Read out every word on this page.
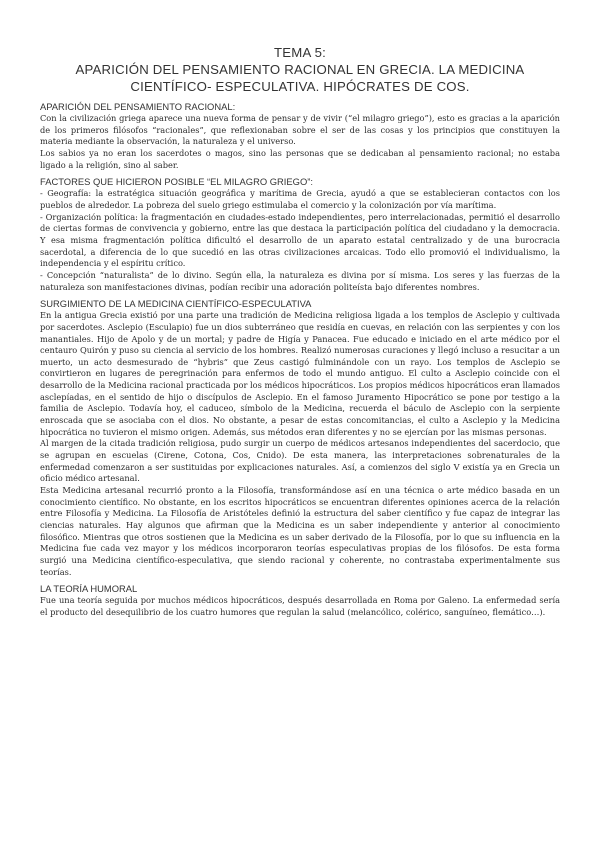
TEMA 5:
APARICIÓN DEL PENSAMIENTO RACIONAL EN GRECIA. LA MEDICINA
CIENTÍFICO- ESPECULATIVA. HIPÓCRATES DE COS.
APARICIÓN DEL PENSAMIENTO RACIONAL:

Con la civilización griega aparece una nueva forma de pensar y de vivir (“el milagro griego”), esto es gracias a la aparición de los primeros filósofos “racionales”, que reflexionaban sobre el ser de las cosas y los principios que constituyen la materia mediante la observación, la naturaleza y el universo.

Los sabios ya no eran los sacerdotes o magos, sino las personas que se dedicaban al pensamiento racional; no estaba ligado a la religión, sino al saber.

FACTORES QUE HICIERON POSIBLE “EL MILAGRO GRIEGO”:

- Geografía: la estratégica situación geográfica y marítima de Grecia, ayudó a que se establecieran contactos con los pueblos de alrededor. La pobreza del suelo griego estimulaba el comercio y la colonización por vía marítima.

- Organización política: la fragmentación en ciudades-estado independientes, pero interrelacionadas, permitió el desarrollo de ciertas formas de convivencia y gobierno, entre las que destaca la participación política del ciudadano y la democracia. Y esa misma fragmentación política dificultó el desarrollo de un aparato estatal centralizado y de una burocracia sacerdotal, a diferencia de lo que sucedió en las otras civilizaciones arcaicas. Todo ello promovió el individualismo, la independencia y el espíritu crítico.

- Concepción “naturalista” de lo divino. Según ella, la naturaleza es divina por sí misma. Los seres y las fuerzas de la naturaleza son manifestaciones divinas, podían recibir una adoración politeísta bajo diferentes nombres.

SURGIMIENTO DE LA MEDICINA CIENTÍFICO-ESPECULATIVA

En la antigua Grecia existió por una parte una tradición de Medicina religiosa ligada a los templos de Asclepio y cultivada por sacerdotes. Asclepio (Esculapio) fue un dios subterráneo que residía en cuevas, en relación con las serpientes y con los manantiales. Hijo de Apolo y de un mortal; y padre de Higía y Panacea. Fue educado e iniciado en el arte médico por el centauro Quirón y puso su ciencia al servicio de los hombres. Realizó numerosas curaciones y llegó incluso a resucitar a un muerto, un acto desmesurado de “hybris” que Zeus castigó fulminándole con un rayo. Los templos de Asclepio se convirtieron en lugares de peregrinación para enfermos de todo el mundo antiguo. El culto a Asclepio coincide con el desarrollo de la Medicina racional practicada por los médicos hipocráticos. Los propios médicos hipocráticos eran llamados asclepíadas, en el sentido de hijo o discípulos de Asclepio. En el famoso Juramento Hipocrático se pone por testigo a la familia de Asclepio. Todavía hoy, el caduceo, símbolo de la Medicina, recuerda el báculo de Asclepio con la serpiente enroscada que se asociaba con el dios. No obstante, a pesar de estas concomitancias, el culto a Asclepio y la Medicina hipocrática no tuvieron el mismo origen. Además, sus métodos eran diferentes y no se ejercían por las mismas personas.

Al margen de la citada tradición religiosa, pudo surgir un cuerpo de médicos artesanos independientes del sacerdocio, que se agrupan en escuelas (Cirene, Cotona, Cos, Cnido). De esta manera, las interpretaciones sobrenaturales de la enfermedad comenzaron a ser sustituidas por explicaciones naturales. Así, a comienzos del siglo V existía ya en Grecia un oficio médico artesanal.

Esta Medicina artesanal recurrió pronto a la Filosofía, transformándose así en una técnica o arte médico basada en un conocimiento científico. No obstante, en los escritos hipocráticos se encuentran diferentes opiniones acerca de la relación entre Filosofía y Medicina. La Filosofía de Aristóteles definió la estructura del saber científico y fue capaz de integrar las ciencias naturales. Hay algunos que afirman que la Medicina es un saber independiente y anterior al conocimiento filosófico. Mientras que otros sostienen que la Medicina es un saber derivado de la Filosofía, por lo que su influencia en la Medicina fue cada vez mayor y los médicos incorporaron teorías especulativas propias de los filósofos. De esta forma surgió una Medicina científico-especulativa, que siendo racional y coherente, no contrastaba experimentalmente sus teorías.

LA TEORÍA HUMORAL

Fue una teoría seguida por muchos médicos hipocráticos, después desarrollada en Roma por Galeno. La enfermedad sería el producto del desequilibrio de los cuatro humores que regulan la salud (melancólico, colérico, sanguíneo, flemático…).
